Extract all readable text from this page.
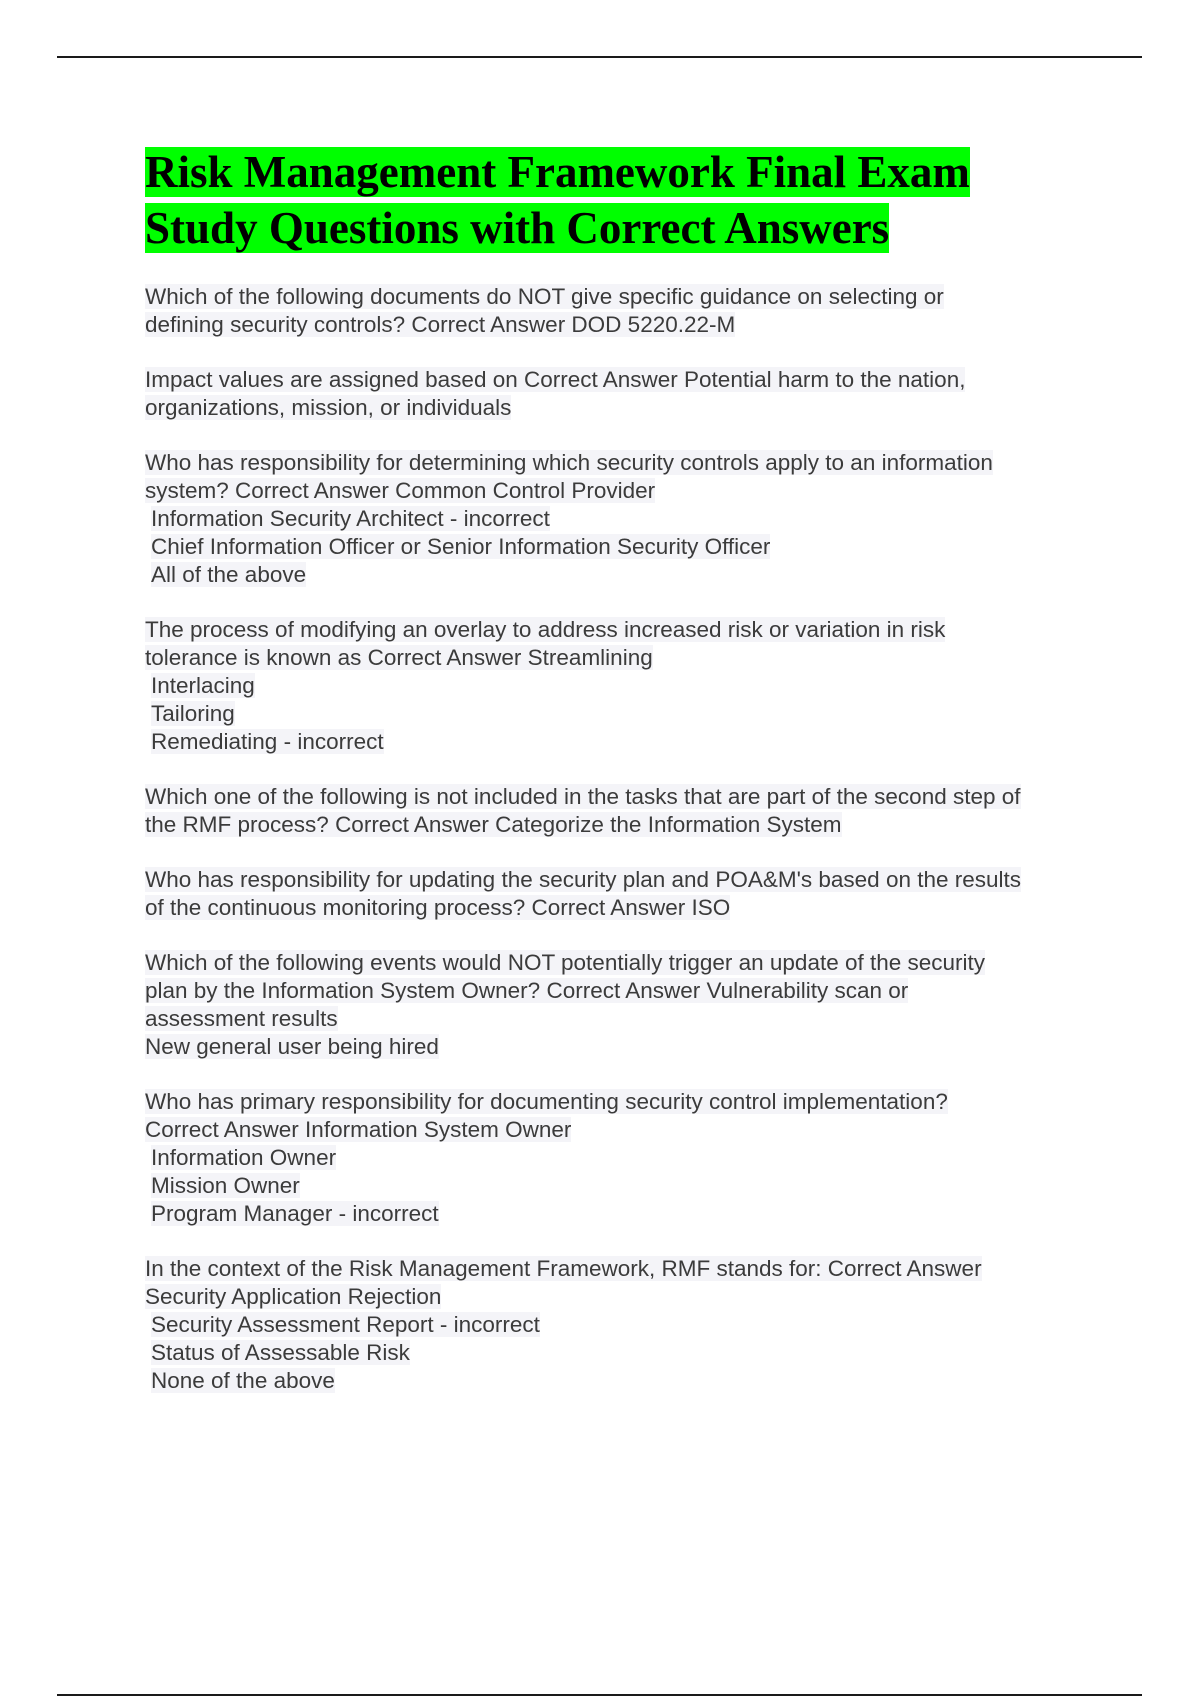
Risk Management Framework Final Exam
Study Questions with Correct Answers
Which of the following documents do NOT give specific guidance on selecting or
defining security controls? Correct Answer DOD 5220.22-M
Impact values are assigned based on Correct Answer Potential harm to the nation,
organizations, mission, or individuals
Who has responsibility for determining which security controls apply to an information
system? Correct Answer Common Control Provider
Information Security Architect - incorrect
Chief Information Officer or Senior Information Security Officer
All of the above
The process of modifying an overlay to address increased risk or variation in risk
tolerance is known as Correct Answer Streamlining
Interlacing
Tailoring
Remediating - incorrect
Which one of the following is not included in the tasks that are part of the second step of
the RMF process? Correct Answer Categorize the Information System
Who has responsibility for updating the security plan and POA&M's based on the results
of the continuous monitoring process? Correct Answer ISO
Which of the following events would NOT potentially trigger an update of the security
plan by the Information System Owner? Correct Answer Vulnerability scan or
assessment results
New general user being hired
Who has primary responsibility for documenting security control implementation?
Correct Answer Information System Owner
Information Owner
Mission Owner
Program Manager - incorrect
In the context of the Risk Management Framework, RMF stands for: Correct Answer
Security Application Rejection
Security Assessment Report - incorrect
Status of Assessable Risk
None of the above
